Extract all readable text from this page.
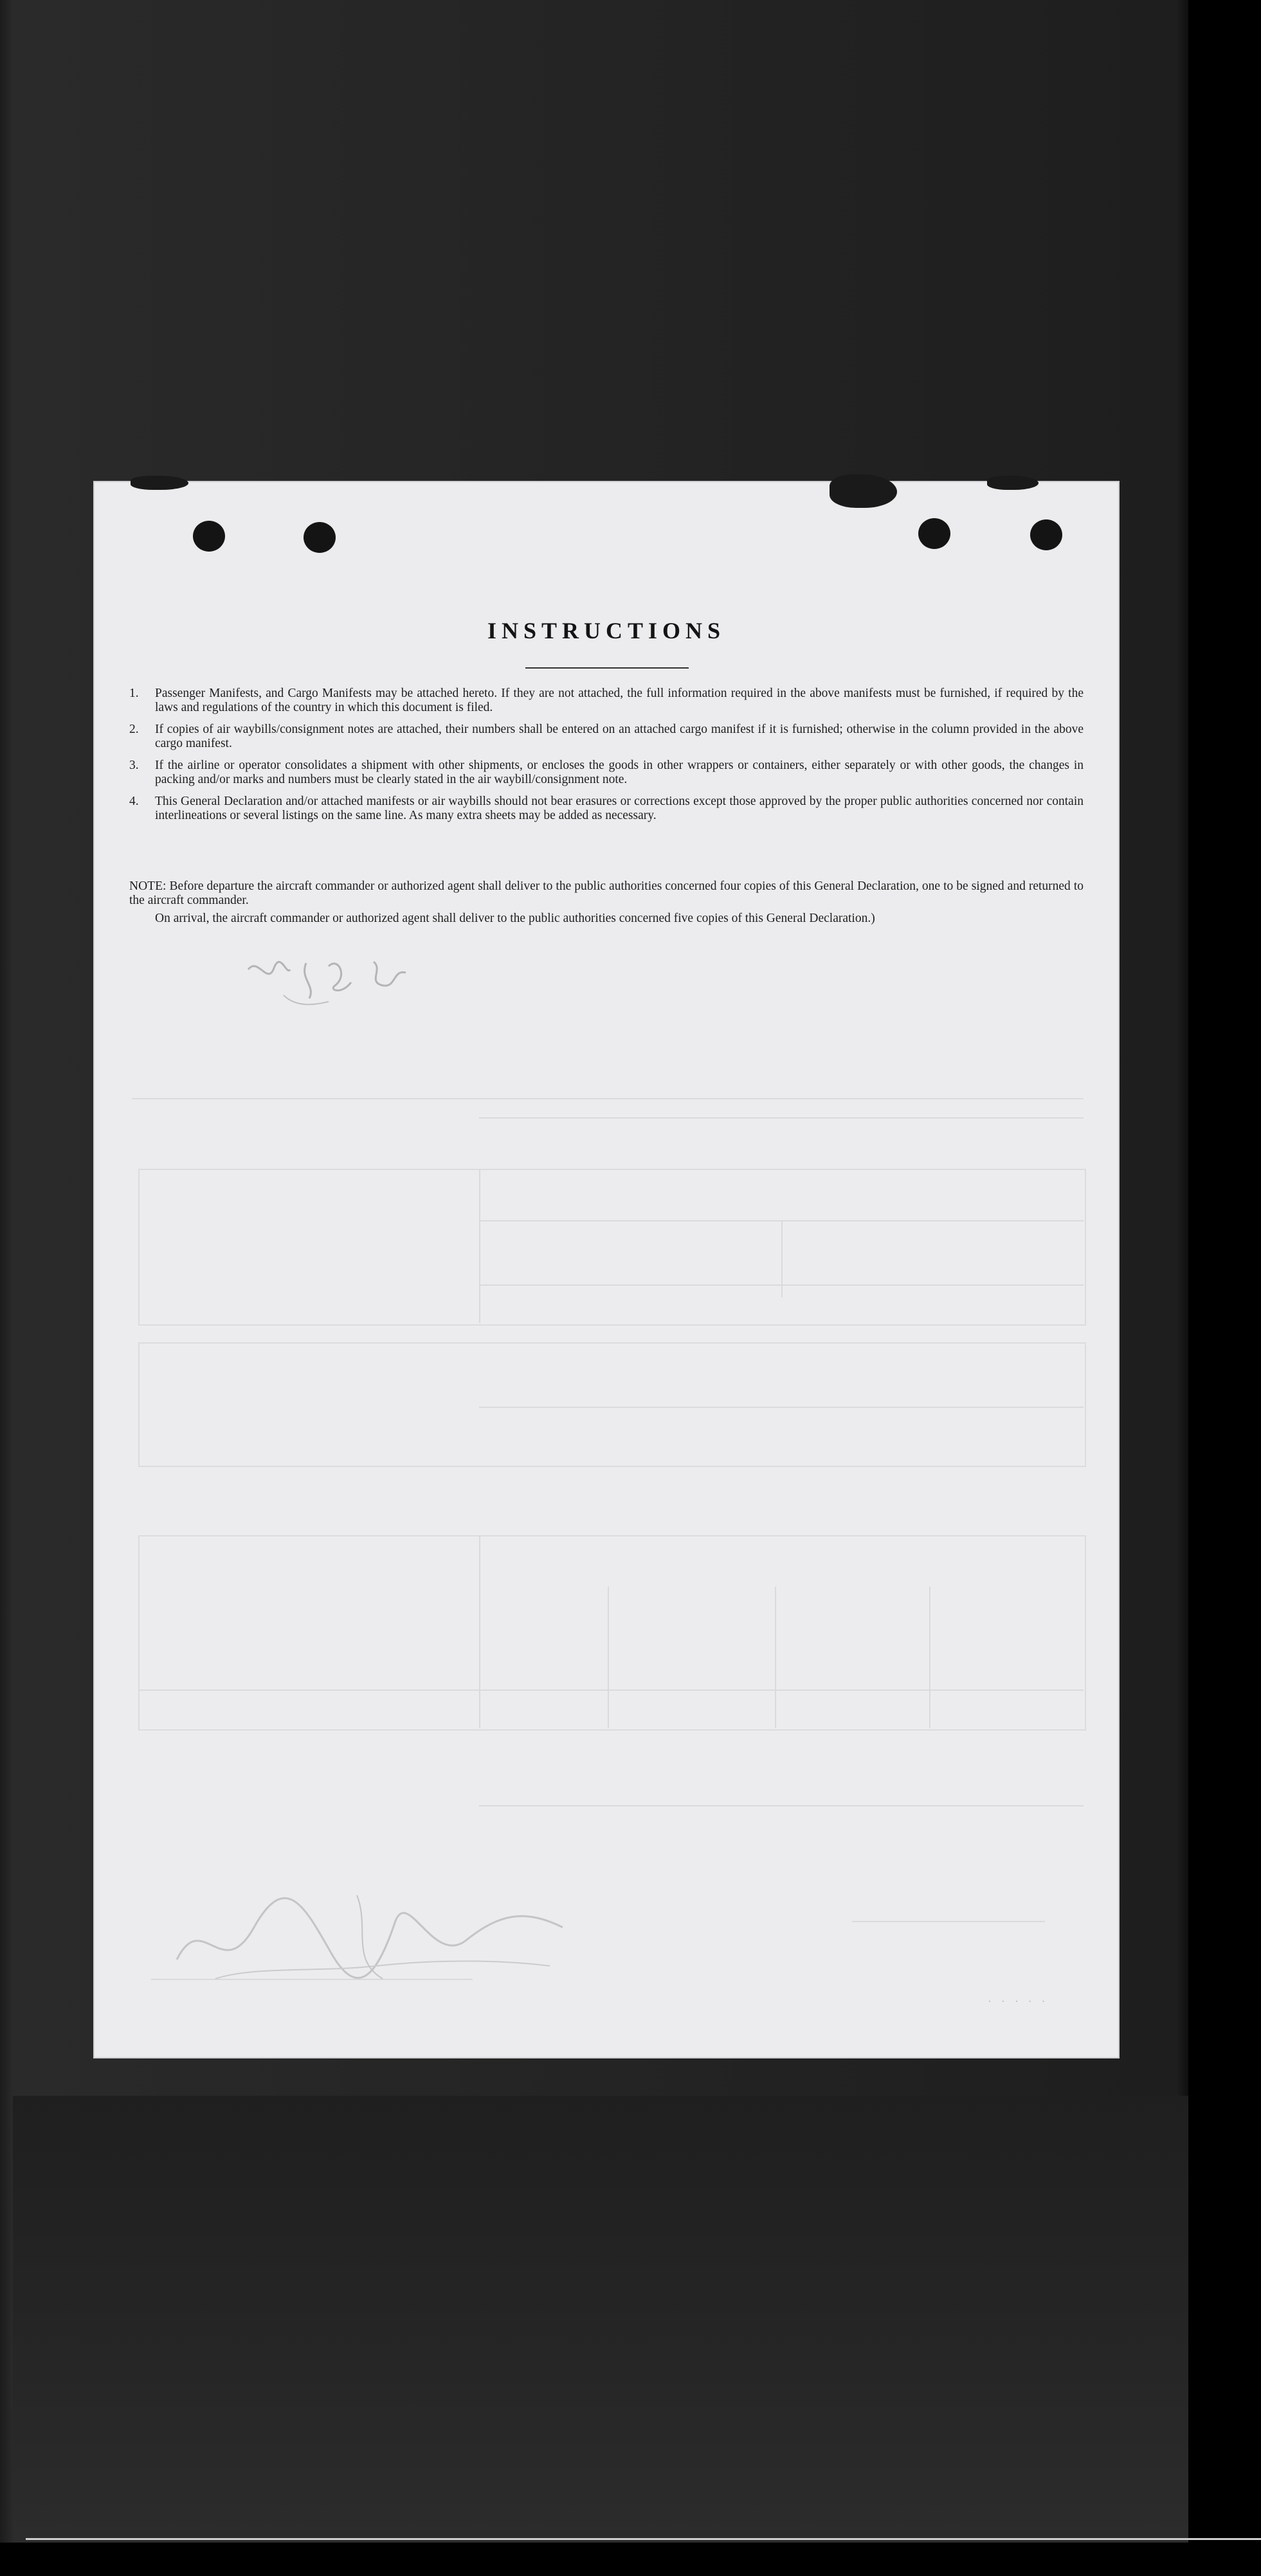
INSTRUCTIONS
1. Passenger Manifests, and Cargo Manifests may be attached hereto. If they are not attached, the full information required in the above manifests must be furnished, if required by the laws and regulations of the country in which this document is filed.
2. If copies of air waybills/consignment notes are attached, their numbers shall be entered on an attached cargo manifest if it is furnished; otherwise in the column provided in the above cargo manifest.
3. If the airline or operator consolidates a shipment with other shipments, or encloses the goods in other wrappers or containers, either separately or with other goods, the changes in packing and/or marks and numbers must be clearly stated in the air waybill/consignment note.
4. This General Declaration and/or attached manifests or air waybills should not bear erasures or corrections except those approved by the proper public authorities concerned nor contain interlineations or several listings on the same line. As many extra sheets may be added as necessary.

NOTE: Before departure the aircraft commander or authorized agent shall deliver to the public authorities concerned four copies of this General Declaration, one to be signed and returned to the aircraft commander.

On arrival, the aircraft commander or authorized agent shall deliver to the public authorities concerned five copies of this General Declaration.)

· · · · ·
